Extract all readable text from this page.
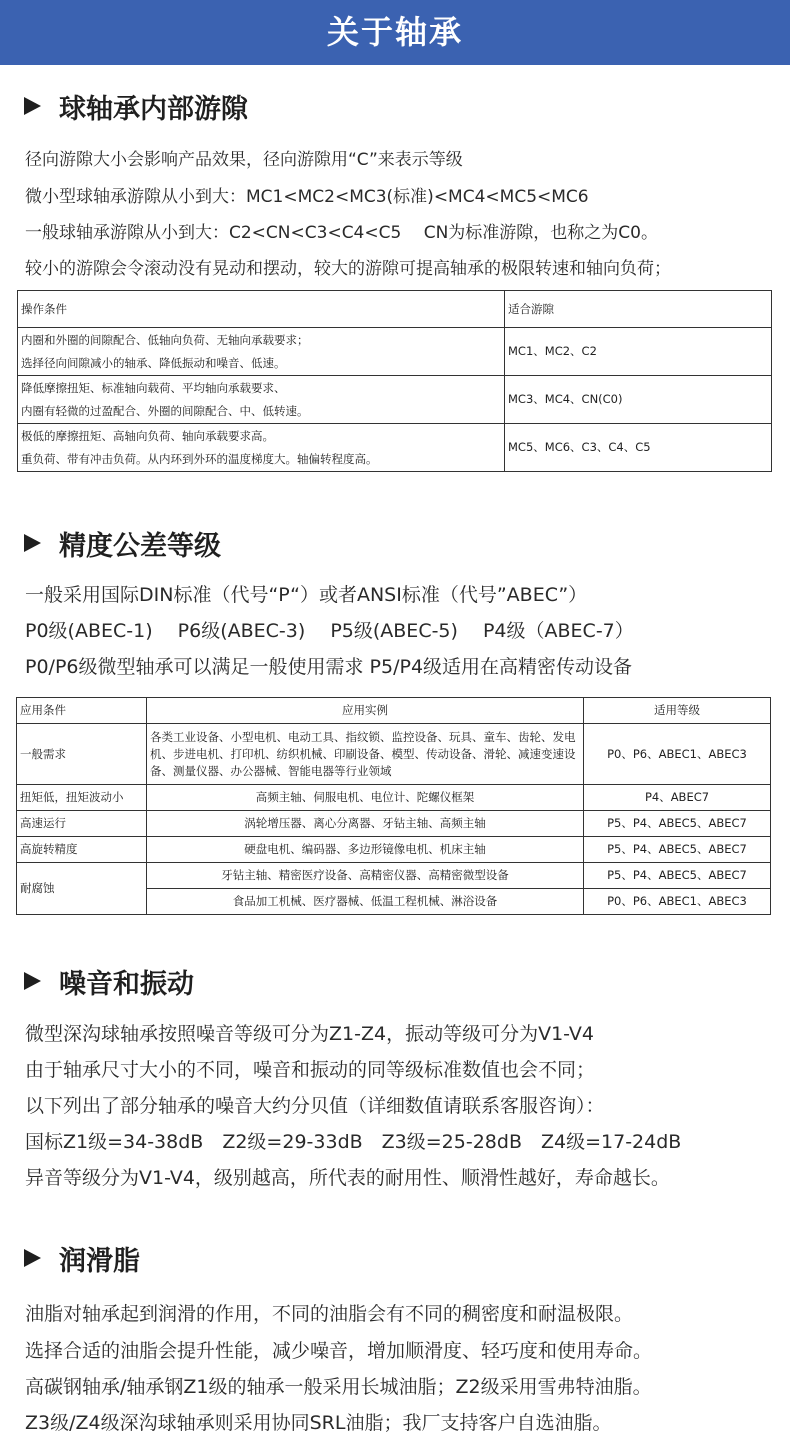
关于轴承
球轴承内部游隙
径向游隙大小会影响产品效果，径向游隙用“C”来表示等级
微小型球轴承游隙从小到大：MC1<MC2<MC3(标准)<MC4<MC5<MC6
一般球轴承游隙从小到大：C2<CN<C3<C4<C5　 CN为标准游隙，也称之为C0。
较小的游隙会令滚动没有晃动和摆动，较大的游隙可提高轴承的极限转速和轴向负荷；
操作条件	适合游隙

内圈和外圈的间隙配合、低轴向负荷、无轴向承载要求；
选择径向间隙减小的轴承、降低振动和噪音、低速。	MC1、MC2、C2

降低摩擦扭矩、标准轴向载荷、平均轴向承载要求、
内圈有轻微的过盈配合、外圈的间隙配合、中、低转速。	MC3、MC4、CN(C0)

极低的摩擦扭矩、高轴向负荷、轴向承载要求高。
重负荷、带有冲击负荷。从内环到外环的温度梯度大。轴偏转程度高。	MC5、MC6、C3、C4、C5
精度公差等级
一般采用国际DIN标准（代号“P“）或者ANSI标准（代号”ABEC”）
P0级(ABEC-1)　 P6级(ABEC-3)　 P5级(ABEC-5)　 P4级（ABEC-7）
P0/P6级微型轴承可以满足一般使用需求 P5/P4级适用在高精密传动设备
应用条件	应用实例	适用等级
一般需求	各类工业设备、小型电机、电动工具、指纹锁、监控设备、玩具、童车、齿轮、发电机、步进电机、打印机、纺织机械、印刷设备、模型、传动设备、滑轮、减速变速设备、测量仪器、办公器械、智能电器等行业领域	P0、P6、ABEC1、ABEC3
扭矩低，扭矩波动小	高频主轴、伺服电机、电位计、陀螺仪框架	P4、ABEC7
高速运行	涡轮增压器、离心分离器、牙钻主轴、高频主轴	P5、P4、ABEC5、ABEC7
高旋转精度	硬盘电机、编码器、多边形镜像电机、机床主轴	P5、P4、ABEC5、ABEC7
耐腐蚀	牙钻主轴、精密医疗设备、高精密仪器、高精密微型设备	P5、P4、ABEC5、ABEC7
	食品加工机械、医疗器械、低温工程机械、淋浴设备	P0、P6、ABEC1、ABEC3
噪音和振动
微型深沟球轴承按照噪音等级可分为Z1-Z4，振动等级可分为V1-V4
由于轴承尺寸大小的不同，噪音和振动的同等级标准数值也会不同；
以下列出了部分轴承的噪音大约分贝值（详细数值请联系客服咨询）：
国标Z1级=34-38dB　Z2级=29-33dB　Z3级=25-28dB　Z4级=17-24dB
异音等级分为V1-V4，级别越高，所代表的耐用性、顺滑性越好，寿命越长。
润滑脂
油脂对轴承起到润滑的作用，不同的油脂会有不同的稠密度和耐温极限。
选择合适的油脂会提升性能，减少噪音，增加顺滑度、轻巧度和使用寿命。
高碳钢轴承/轴承钢Z1级的轴承一般采用长城油脂；Z2级采用雪弗特油脂。
Z3级/Z4级深沟球轴承则采用协同SRL油脂；我厂支持客户自选油脂。
